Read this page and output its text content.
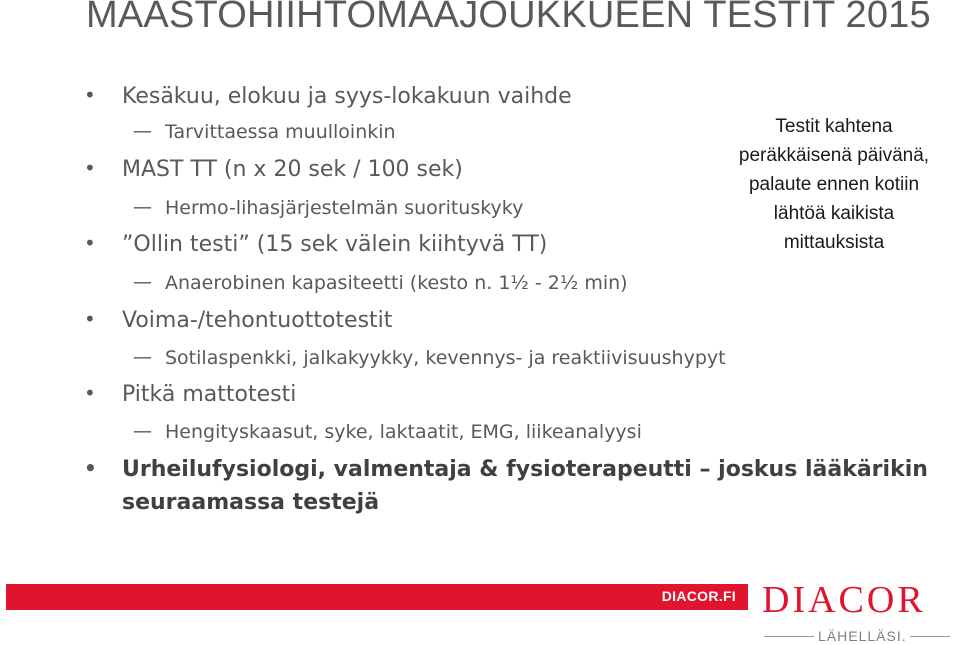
MAASTOHIIHTOMAAJOUKKUEEN TESTIT 2015
• Kesäkuu, elokuu ja syys-lokakuun vaihde
— Tarvittaessa muulloinkin
• MAST TT (n x 20 sek / 100 sek)
— Hermo-lihasjärjestelmän suorituskyky
• ”Ollin testi” (15 sek välein kiihtyvä TT)
— Anaerobinen kapasiteetti (kesto n. 1½ - 2½ min)
• Voima-/tehontuottotestit
— Sotilaspenkki, jalkakyykky, kevennys- ja reaktiivisuushypyt
• Pitkä mattotesti
— Hengityskaasut, syke, laktaatit, EMG, liikeanalyysi
• Urheilufysiologi, valmentaja & fysioterapeutti – joskus lääkärikin
seuraamassa testejä
Testit kahtena
peräkkäisenä päivänä,
palaute ennen kotiin
lähtöä kaikista
mittauksista
DIACOR.FI DIACOR
LÄHELLÄSI.
